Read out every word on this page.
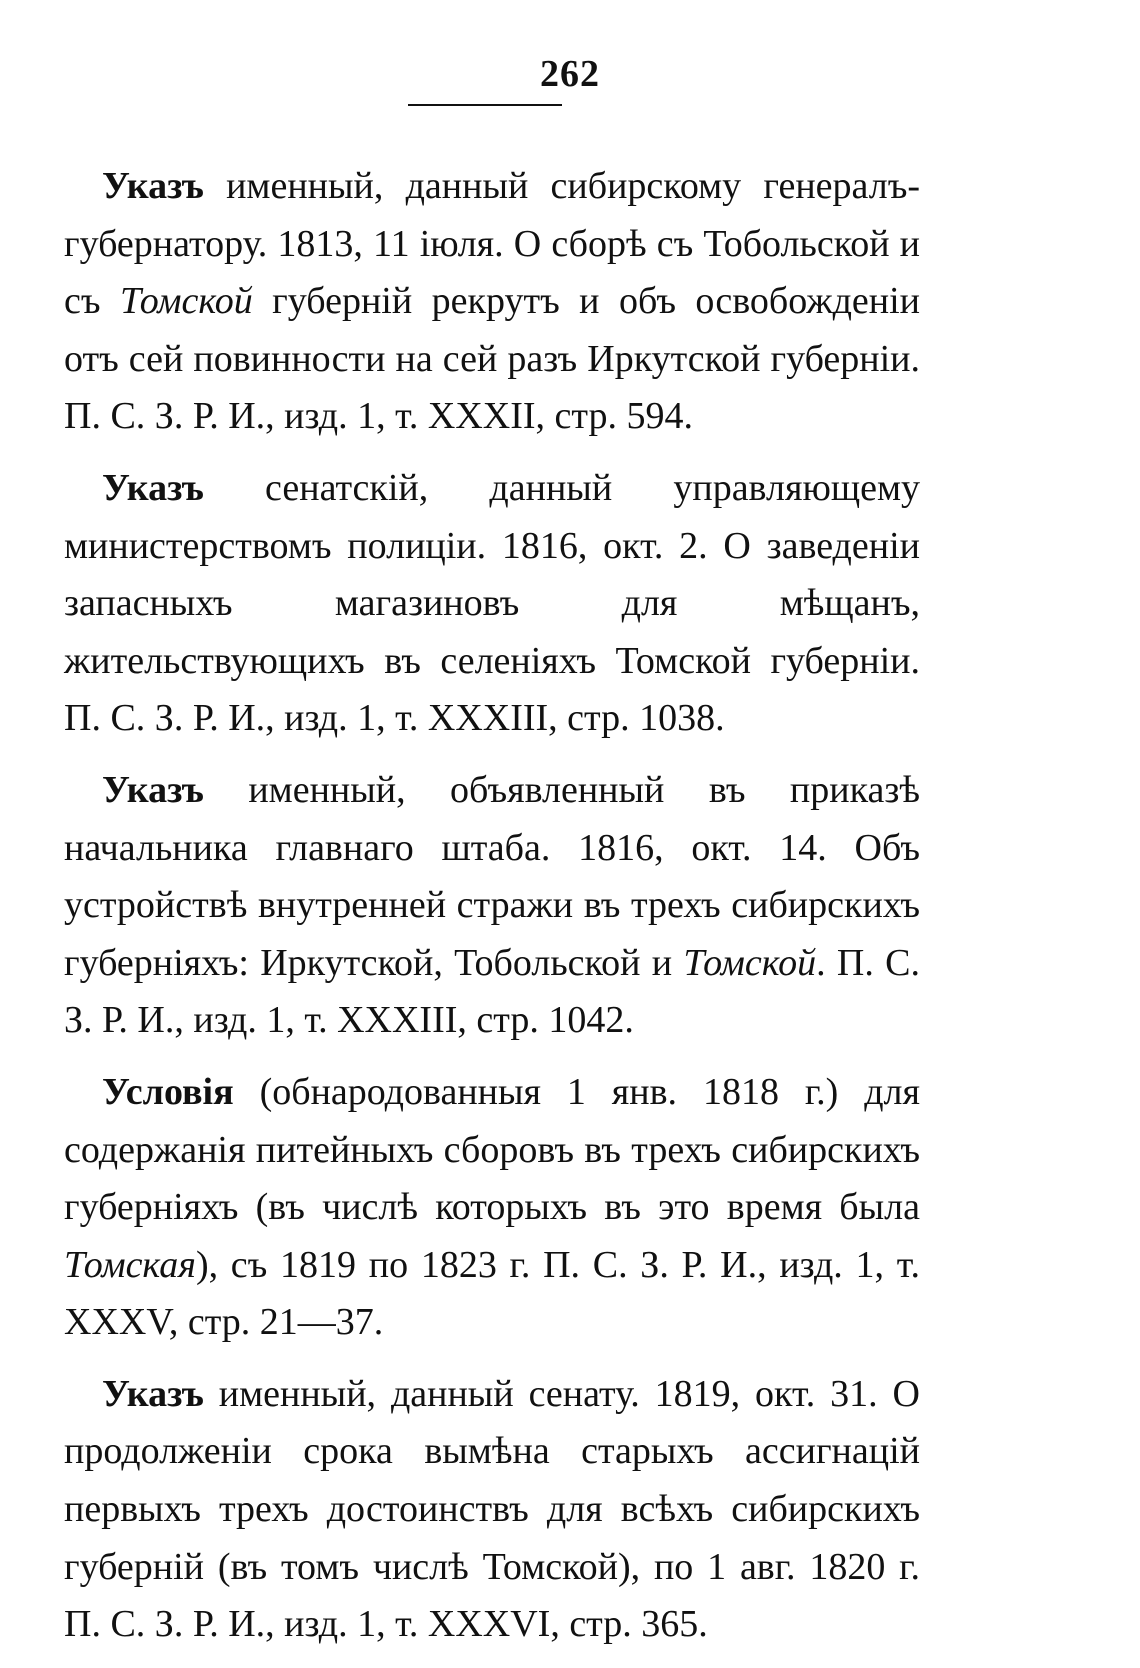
262

Указъ именный, данный сибирскому генералъ-губернатору. 1813, 11 іюля. О сборѣ съ Тобольской и съ Томской губерній рекрутъ и объ освобожденіи отъ сей повинности на сей разъ Иркутской губерніи. П. С. З. Р. И., изд. 1, т. XXXII, стр. 594.

Указъ сенатскій, данный управляющему министерствомъ полиціи. 1816, окт. 2. О заведеніи запасныхъ магазиновъ для мѣщанъ, жительствующихъ въ селеніяхъ Томской губерніи. П. С. З. Р. И., изд. 1, т. XXXIII, стр. 1038.

Указъ именный, объявленный въ приказѣ начальника главнаго штаба. 1816, окт. 14. Объ устройствѣ внутренней стражи въ трехъ сибирскихъ губерніяхъ: Иркутской, Тобольской и Томской. П. С. З. Р. И., изд. 1, т. XXXIII, стр. 1042.

Условія (обнародованныя 1 янв. 1818 г.) для содержанія питейныхъ сборовъ въ трехъ сибирскихъ губерніяхъ (въ числѣ которыхъ въ это время была Томская), съ 1819 по 1823 г. П. С. З. Р. И., изд. 1, т. XXXV, стр. 21—37.

Указъ именный, данный сенату. 1819, окт. 31. О продолженіи срока вымѣна старыхъ ассигнацій первыхъ трехъ достоинствъ для всѣхъ сибирскихъ губерній (въ томъ числѣ Томской), по 1 авг. 1820 г. П. С. З. Р. И., изд. 1, т. XXXVI, стр. 365.
